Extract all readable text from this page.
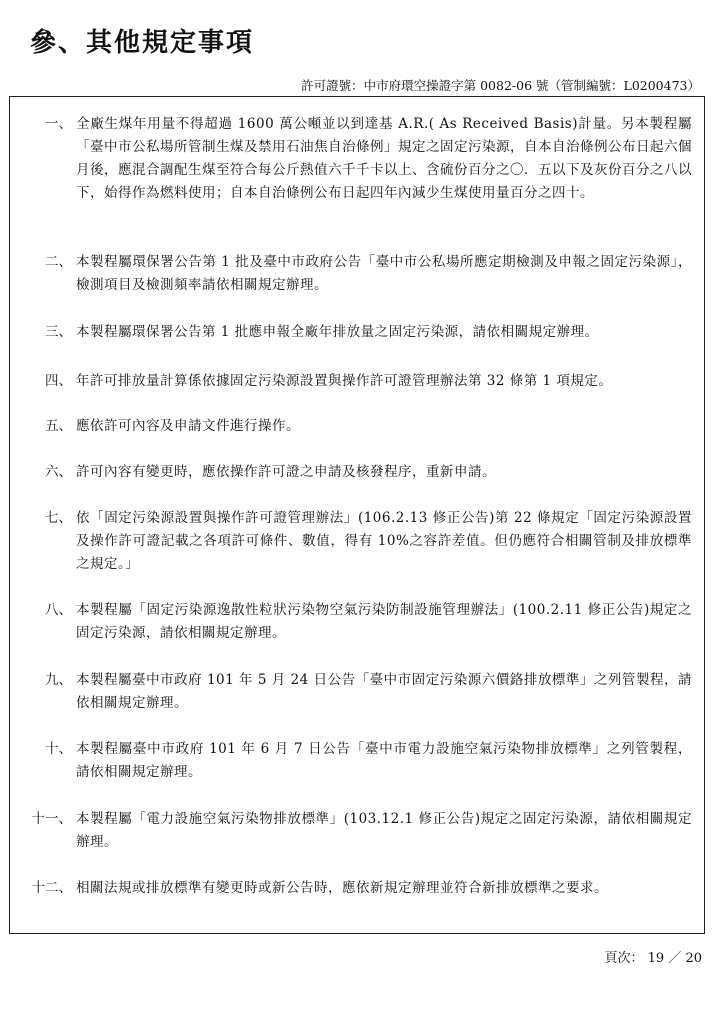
參、其他規定事項
許可證號：中市府環空操證字第 0082-06 號（管制編號：L0200473）
一、 全廠生煤年用量不得超過 1600 萬公噸並以到達基 A.R.( As Received Basis)計量。另本製程屬「臺中市公私場所管制生煤及禁用石油焦自治條例」規定之固定污染源，自本自治條例公布日起六個月後，應混合調配生煤至符合每公斤熱值六千千卡以上、含硫份百分之〇．五以下及灰份百分之八以下，始得作為燃料使用；自本自治條例公布日起四年內減少生煤使用量百分之四十。
二、 本製程屬環保署公告第 1 批及臺中市政府公告「臺中市公私場所應定期檢測及申報之固定污染源」，檢測項目及檢測頻率請依相關規定辦理。
三、 本製程屬環保署公告第 1 批應申報全廠年排放量之固定污染源，請依相關規定辦理。
四、 年許可排放量計算係依據固定污染源設置與操作許可證管理辦法第 32 條第 1 項規定。
五、 應依許可內容及申請文件進行操作。
六、 許可內容有變更時，應依操作許可證之申請及核發程序，重新申請。
七、 依「固定污染源設置與操作許可證管理辦法」(106.2.13 修正公告)第 22 條規定「固定污染源設置及操作許可證記載之各項許可條件、數值，得有 10%之容許差值。但仍應符合相關管制及排放標準之規定。」
八、 本製程屬「固定污染源逸散性粒狀污染物空氣污染防制設施管理辦法」(100.2.11 修正公告)規定之固定污染源，請依相關規定辦理。
九、 本製程屬臺中市政府 101 年 5 月 24 日公告「臺中市固定污染源六價鉻排放標準」之列管製程，請依相關規定辦理。
十、 本製程屬臺中市政府 101 年 6 月 7 日公告「臺中市電力設施空氣污染物排放標準」之列管製程，請依相關規定辦理。
十一、 本製程屬「電力設施空氣污染物排放標準」(103.12.1 修正公告)規定之固定污染源，請依相關規定辦理。
十二、 相關法規或排放標準有變更時或新公告時，應依新規定辦理並符合新排放標準之要求。
頁次： 19 ／ 20
